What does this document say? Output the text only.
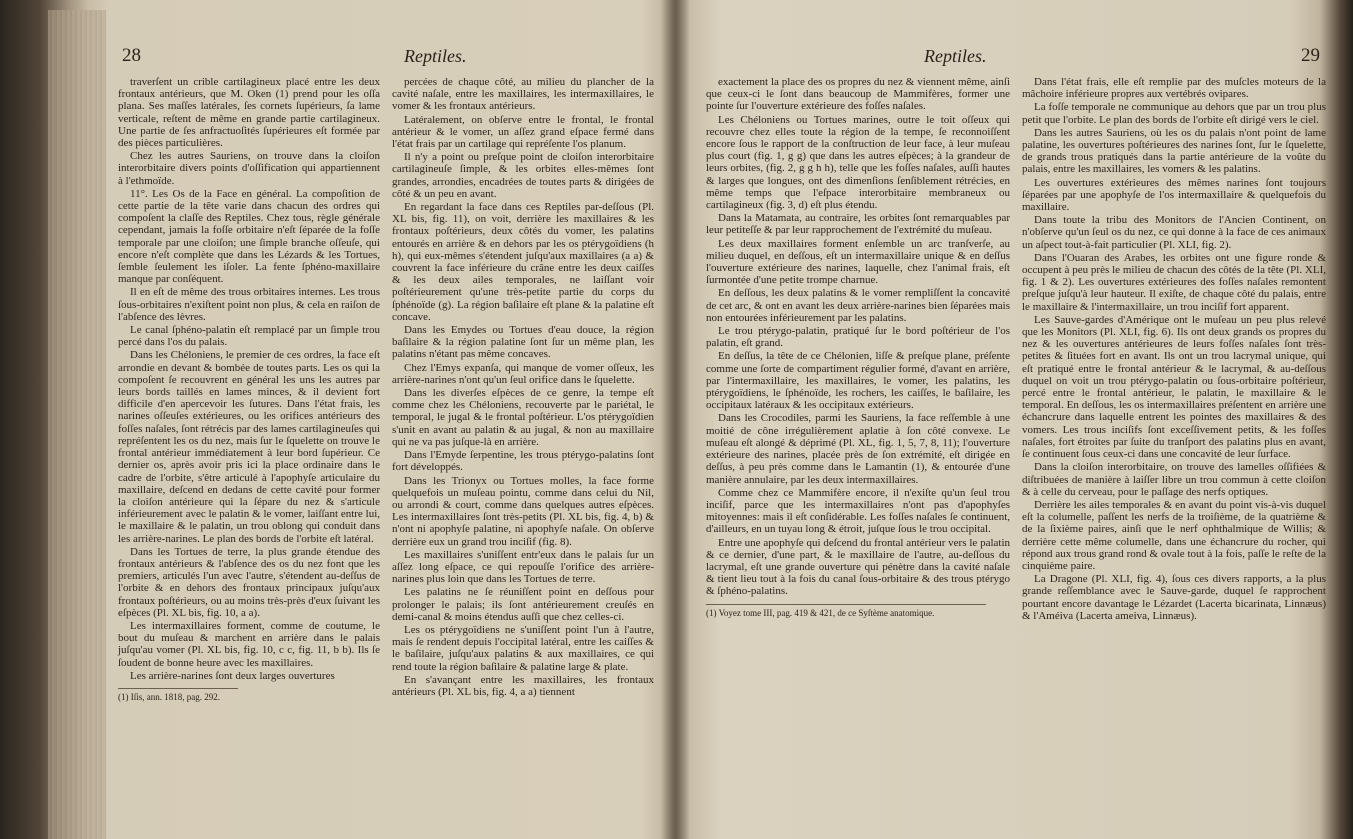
28	Reptiles.

traverſent un crible cartilagineux placé entre les deux frontaux antérieurs, que M. Oken (1) prend pour les oſſa plana. Ses maſſes latérales, ſes cornets ſupérieurs, ſa lame verticale, reſtent de même en grande partie cartilagineux. Une partie de ſes anfractuoſités ſupérieures eſt formée par des pièces particulières.

Chez les autres Sauriens, on trouve dans la cloiſon interorbitaire divers points d'oſſification qui appartiennent à l'ethmoïde.

11°. Les Os de la Face en général. La compoſition de cette partie de la tête varie dans chacun des ordres qui compoſent la claſſe des Reptiles. Chez tous, règle générale cependant, jamais la foſſe orbitaire n'eſt ſéparée de la foſſe temporale par une cloiſon; une ſimple branche oſſeuſe, qui encore n'eſt complète que dans les Lézards & les Tortues, ſemble ſeulement les iſoler. La fente ſphéno-maxillaire manque par conſéquent.

Il en eſt de même des trous orbitaires internes. Les trous ſous-orbitaires n'exiſtent point non plus, & cela en raiſon de l'abſence des lèvres.

Le canal ſphéno-palatin eſt remplacé par un ſimple trou percé dans l'os du palais.

Dans les Chéloniens, le premier de ces ordres, la face eſt arrondie en devant & bombée de toutes parts. Les os qui la compoſent ſe recouvrent en général les uns les autres par leurs bords taillés en lames minces, & il devient fort difficile d'en apercevoir les ſutures. Dans l'état frais, les narines oſſeuſes extérieures, ou les orifices antérieurs des foſſes naſales, ſont rétrécis par des lames cartilagineuſes qui repréſentent les os du nez, mais ſur le ſquelette on trouve le frontal antérieur immédiatement à leur bord ſupérieur. Ce dernier os, après avoir pris ici la place ordinaire dans le cadre de l'orbite, s'être articulé à l'apophyſe articulaire du maxillaire, deſcend en dedans de cette cavité pour former la cloiſon antérieure qui la ſépare du nez & s'articule inférieurement avec le palatin & le vomer, laiſſant entre lui, le maxillaire & le palatin, un trou oblong qui conduit dans les arrière-narines. Le plan des bords de l'orbite eſt latéral.

Dans les Tortues de terre, la plus grande étendue des frontaux antérieurs & l'abſence des os du nez font que les premiers, articulés l'un avec l'autre, s'étendent au-deſſus de l'orbite & en dehors des frontaux principaux juſqu'aux frontaux poſtérieurs, ou au moins très-près d'eux ſuivant les eſpèces (Pl. XL bis, fig. 10, a a).

Les intermaxillaires forment, comme de coutume, le bout du muſeau & marchent en arrière dans le palais juſqu'au vomer (Pl. XL bis, fig. 10, c c, fig. 11, b b). Ils ſe ſoudent de bonne heure avec les maxillaires.

Les arrière-narines ſont deux larges ouvertures

(1) Iſis, ann. 1818, pag. 292.

percées de chaque côté, au milieu du plancher de la cavité naſale, entre les maxillaires, les intermaxillaires, le vomer & les frontaux antérieurs.

Latéralement, on obſerve entre le frontal, le frontal antérieur & le vomer, un aſſez grand eſpace fermé dans l'état frais par un cartilage qui repréſente l'os planum.

Il n'y a point ou preſque point de cloiſon interorbitaire cartilagineuſe ſimple, & les orbites elles-mêmes ſont grandes, arrondies, encadrées de toutes parts & dirigées de côté & un peu en avant.

En regardant la face dans ces Reptiles par-deſſous (Pl. XL bis, fig. 11), on voit, derrière les maxillaires & les frontaux poſtérieurs, deux côtés du vomer, les palatins entourés en arrière & en dehors par les os ptérygoïdiens (h h), qui eux-mêmes s'étendent juſqu'aux maxillaires (a a) & couvrent la face inférieure du crâne entre les deux caiſſes & les deux ailes temporales, ne laiſſant voir poſtérieurement qu'une très-petite partie du corps du ſphénoïde (g). La région baſilaire eſt plane & la palatine eſt concave.

Dans les Emydes ou Tortues d'eau douce, la région baſilaire & la région palatine ſont ſur un même plan, les palatins n'étant pas même concaves.

Chez l'Emys expanſa, qui manque de vomer oſſeux, les arrière-narines n'ont qu'un ſeul orifice dans le ſquelette.

Dans les diverſes eſpèces de ce genre, la tempe eſt comme chez les Chéloniens, recouverte par le pariétal, le temporal, le jugal & le frontal poſtérieur. L'os ptérygoïdien s'unit en avant au palatin & au jugal, & non au maxillaire qui ne va pas juſque-là en arrière.

Dans l'Emyde ſerpentine, les trous ptérygo-palatins ſont fort développés.

Dans les Trionyx ou Tortues molles, la face forme quelquefois un muſeau pointu, comme dans celui du Nil, ou arrondi & court, comme dans quelques autres eſpèces. Les intermaxillaires ſont très-petits (Pl. XL bis, fig. 4, b) & n'ont ni apophyſe palatine, ni apophyſe naſale. On obſerve derrière eux un grand trou inciſif (fig. 8).

Les maxillaires s'uniſſent entr'eux dans le palais ſur un aſſez long eſpace, ce qui repouſſe l'orifice des arrière-narines plus loin que dans les Tortues de terre.

Les palatins ne ſe réuniſſent point en deſſous pour prolonger le palais; ils ſont antérieurement creuſés en demi-canal & moins étendus auſſi que chez celles-ci.

Les os ptérygoïdiens ne s'uniſſent point l'un à l'autre, mais ſe rendent depuis l'occipital latéral, entre les caiſſes & le baſilaire, juſqu'aux palatins & aux maxillaires, ce qui rend toute la région baſilaire & palatine large & plate.

En s'avançant entre les maxillaires, les frontaux antérieurs (Pl. XL bis, fig. 4, a a) tiennent

Reptiles.	29

exactement la place des os propres du nez & viennent même, ainſi que ceux-ci le ſont dans beaucoup de Mammifères, former une pointe ſur l'ouverture extérieure des foſſes naſales.

Les Chéloniens ou Tortues marines, outre le toit oſſeux qui recouvre chez elles toute la région de la tempe, ſe reconnoiſſent encore ſous le rapport de la conſtruction de leur face, à leur muſeau plus court (fig. 1, g g) que dans les autres eſpèces; à la grandeur de leurs orbites, (fig. 2, g g h h), telle que les foſſes naſales, auſſi hautes & larges que longues, ont des dimenſions ſenſiblement rétrécies, en même temps que l'eſpace interorbitaire membraneux ou cartilagineux (fig. 3, d) eſt plus étendu.

Dans la Matamata, au contraire, les orbites ſont remarquables par leur petiteſſe & par leur rapprochement de l'extrémité du muſeau.

Les deux maxillaires forment enſemble un arc tranſverſe, au milieu duquel, en deſſous, eſt un intermaxillaire unique & en deſſus l'ouverture extérieure des narines, laquelle, chez l'animal frais, eſt ſurmontée d'une petite trompe charnue.

En deſſous, les deux palatins & le vomer rempliſſent la concavité de cet arc, & ont en avant les deux arrière-narines bien ſéparées mais non entourées inférieurement par les palatins.

Le trou ptérygo-palatin, pratiqué ſur le bord poſtérieur de l'os palatin, eſt grand.

En deſſus, la tête de ce Chélonien, liſſe & preſque plane, préſente comme une ſorte de compartiment régulier formé, d'avant en arrière, par l'intermaxillaire, les maxillaires, le vomer, les palatins, les ptérygoïdiens, le ſphénoïde, les rochers, les caiſſes, le baſilaire, les occipitaux latéraux & les occipitaux extérieurs.

Dans les Crocodiles, parmi les Sauriens, la face reſſemble à une moitié de cône irrégulièrement aplatie à ſon côté convexe. Le muſeau eſt alongé & déprimé (Pl. XL, fig. 1, 5, 7, 8, 11); l'ouverture extérieure des narines, placée près de ſon extrémité, eſt dirigée en deſſus, à peu près comme dans le Lamantin (1), & entourée d'une manière annulaire, par les deux intermaxillaires.

Comme chez ce Mammifère encore, il n'exiſte qu'un ſeul trou inciſif, parce que les intermaxillaires n'ont pas d'apophyſes mitoyennes: mais il eſt conſidérable. Les foſſes naſales ſe continuent, d'ailleurs, en un tuyau long & étroit, juſque ſous le trou occipital.

Entre une apophyſe qui deſcend du frontal antérieur vers le palatin & ce dernier, d'une part, & le maxillaire de l'autre, au-deſſous du lacrymal, eſt une grande ouverture qui pénètre dans la cavité naſale & tient lieu tout à la fois du canal ſous-orbitaire & des trous ptérygo & ſphéno-palatins.

(1) Voyez tome III, pag. 419 & 421, de ce Syſtème anatomique.

Dans l'état frais, elle eſt remplie par des muſcles moteurs de la mâchoire inférieure propres aux vertébrés ovipares.

La foſſe temporale ne communique au dehors que par un trou plus petit que l'orbite. Le plan des bords de l'orbite eſt dirigé vers le ciel.

Dans les autres Sauriens, où les os du palais n'ont point de lame palatine, les ouvertures poſtérieures des narines ſont, ſur le ſquelette, de grands trous pratiqués dans la partie antérieure de la voûte du palais, entre les maxillaires, les vomers & les palatins.

Les ouvertures extérieures des mêmes narines ſont toujours ſéparées par une apophyſe de l'os intermaxillaire & quelquefois du maxillaire.

Dans toute la tribu des Monitors de l'Ancien Continent, on n'obſerve qu'un ſeul os du nez, ce qui donne à la face de ces animaux un aſpect tout-à-fait particulier (Pl. XLI, fig. 2).

Dans l'Ouaran des Arabes, les orbites ont une figure ronde & occupent à peu près le milieu de chacun des côtés de la tête (Pl. XLI, fig. 1 & 2). Les ouvertures extérieures des foſſes naſales remontent preſque juſqu'à leur hauteur. Il exiſte, de chaque côté du palais, entre le maxillaire & l'intermaxillaire, un trou inciſif fort apparent.

Les Sauve-gardes d'Amérique ont le muſeau un peu plus relevé que les Monitors (Pl. XLI, fig. 6). Ils ont deux grands os propres du nez & les ouvertures antérieures de leurs foſſes naſales ſont très-petites & ſituées fort en avant. Ils ont un trou lacrymal unique, qui eſt pratiqué entre le frontal antérieur & le lacrymal, & au-deſſous duquel on voit un trou ptérygo-palatin ou ſous-orbitaire poſtérieur, percé entre le frontal antérieur, le palatin, le maxillaire & le temporal. En deſſous, les os intermaxillaires préſentent en arrière une échancrure dans laquelle entrent les pointes des maxillaires & des vomers. Les trous inciſifs ſont exceſſivement petits, & les foſſes naſales, fort étroites par ſuite du tranſport des palatins plus en avant, ſe continuent ſous ceux-ci dans une concavité de leur ſurface.

Dans la cloiſon interorbitaire, on trouve des lamelles oſſifiées & diſtribuées de manière à laiſſer libre un trou commun à cette cloiſon & à celle du cerveau, pour le paſſage des nerfs optiques.

Derrière les ailes temporales & en avant du point vis-à-vis duquel eſt la columelle, paſſent les nerfs de la troiſième, de la quatrième & de la ſixième paires, ainſi que le nerf ophthalmique de Willis; & derrière cette même columelle, dans une échancrure du rocher, qui répond aux trous grand rond & ovale tout à la fois, paſſe le reſte de la cinquième paire.

La Dragone (Pl. XLI, fig. 4), ſous ces divers rapports, a la plus grande reſſemblance avec le Sauve-garde, duquel ſe rapprochent pourtant encore davantage le Lézardet (Lacerta bicarinata, Linnæus) & l'Améiva (Lacerta ameiva, Linnæus).
